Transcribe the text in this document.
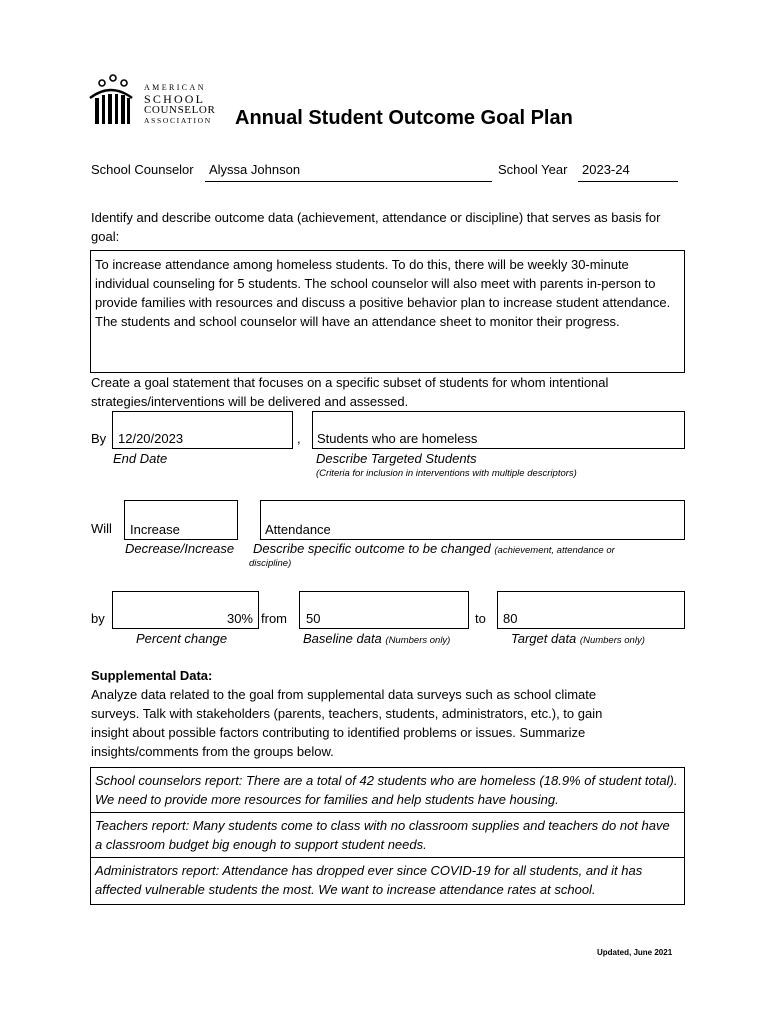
AMERICAN
SCHOOL
COUNSELOR
ASSOCIATION Annual Student Outcome Goal Plan
School Counselor Alyssa Johnson	School Year 2023-24
Identify and describe outcome data (achievement, attendance or discipline) that serves as basis for goal:
To increase attendance among homeless students. To do this, there will be weekly 30-minute individual counseling for 5 students. The school counselor will also meet with parents in-person to provide families with resources and discuss a positive behavior plan to increase student attendance. The students and school counselor will have an attendance sheet to monitor their progress.
Create a goal statement that focuses on a specific subset of students for whom intentional strategies/interventions will be delivered and assessed.
By 12/20/2023	, Students who are homeless
End Date	Describe Targeted Students
(Criteria for inclusion in interventions with multiple descriptors)
Will Increase	Attendance
Decrease/Increase Describe specific outcome to be changed (achievement, attendance or
discipline)
by	30% from 50	to 80
Percent change	Baseline data (Numbers only)	Target data (Numbers only)
Supplemental Data:
Analyze data related to the goal from supplemental data surveys such as school climate surveys. Talk with stakeholders (parents, teachers, students, administrators, etc.), to gain insight about possible factors contributing to identified problems or issues. Summarize insights/comments from the groups below.
School counselors report: There are a total of 42 students who are homeless (18.9% of student total). We need to provide more resources for families and help students have housing.
Teachers report: Many students come to class with no classroom supplies and teachers do not have a classroom budget big enough to support student needs.
Administrators report: Attendance has dropped ever since COVID-19 for all students, and it has affected vulnerable students the most. We want to increase attendance rates at school.
Updated, June 2021
